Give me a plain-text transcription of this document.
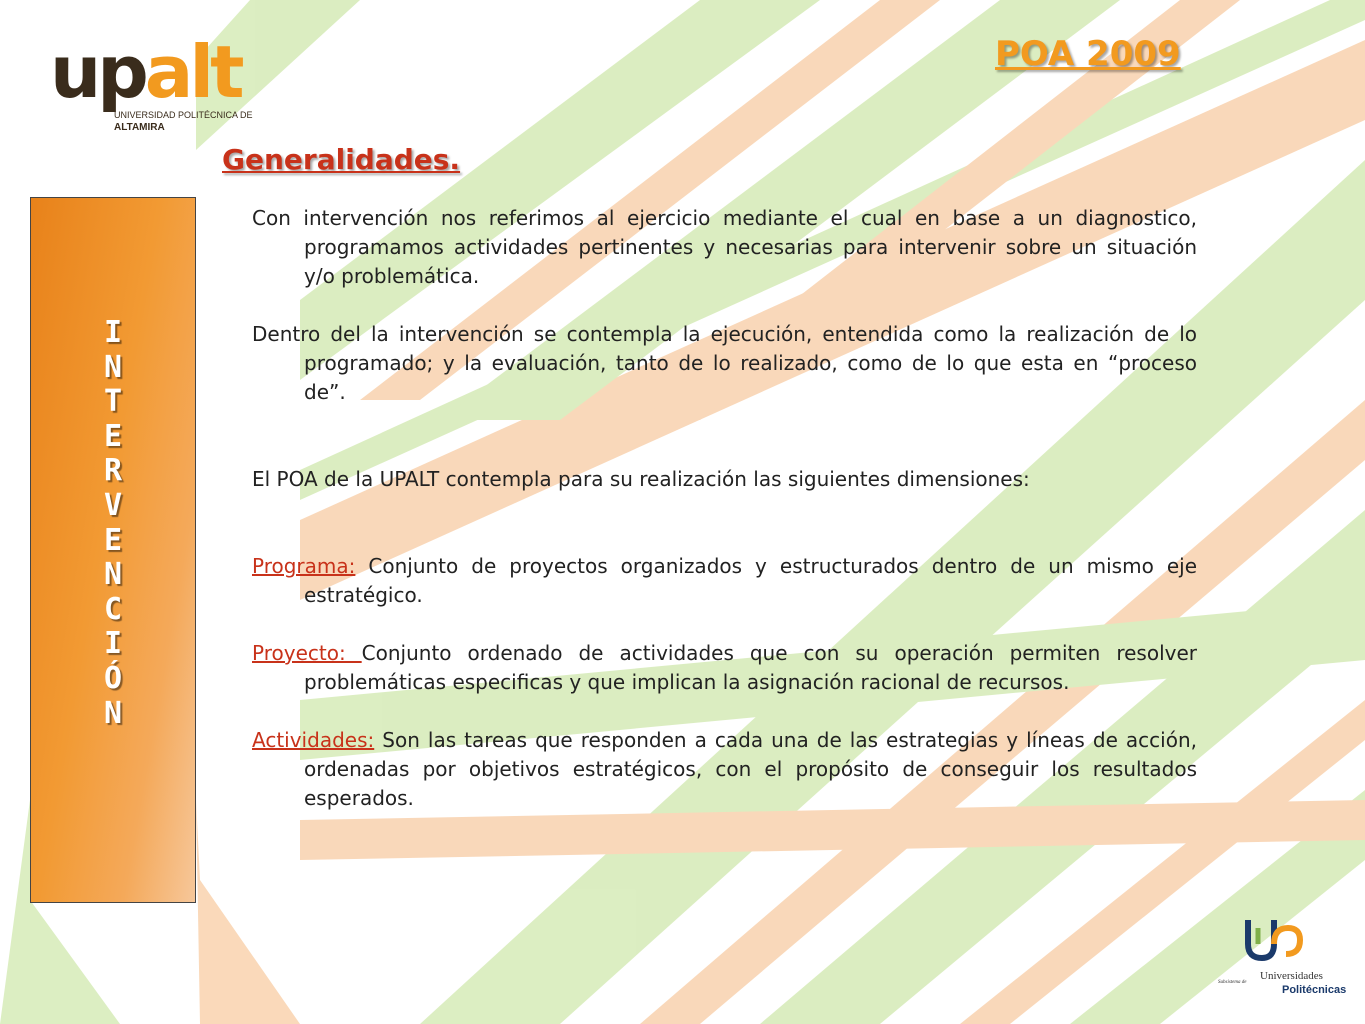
upalt
UNIVERSIDAD POLITÉCNICA DE
ALTAMIRA
POA 2009
Generalidades.
I
N
T
E
R
V
E
N
C
I
Ó
N

Con intervención nos referimos al ejercicio mediante el cual en base a un diagnostico, programamos actividades pertinentes y necesarias para intervenir sobre un situación y/o problemática.

Dentro del la intervención se contempla la ejecución, entendida como la realización de lo programado; y la evaluación, tanto de lo realizado, como de lo que esta en “proceso de”.

El POA de la UPALT contempla para su realización las siguientes dimensiones:

Programa: Conjunto de proyectos organizados y estructurados dentro de un mismo eje estratégico.

Proyecto: Conjunto ordenado de actividades que con su operación permiten resolver problemáticas especificas y que implican la asignación racional de recursos.

Actividades: Son las tareas que responden a cada una de las estrategias y líneas de acción, ordenadas por objetivos estratégicos, con el propósito de conseguir los resultados esperados.

Subsistema de
Universidades
Politécnicas
